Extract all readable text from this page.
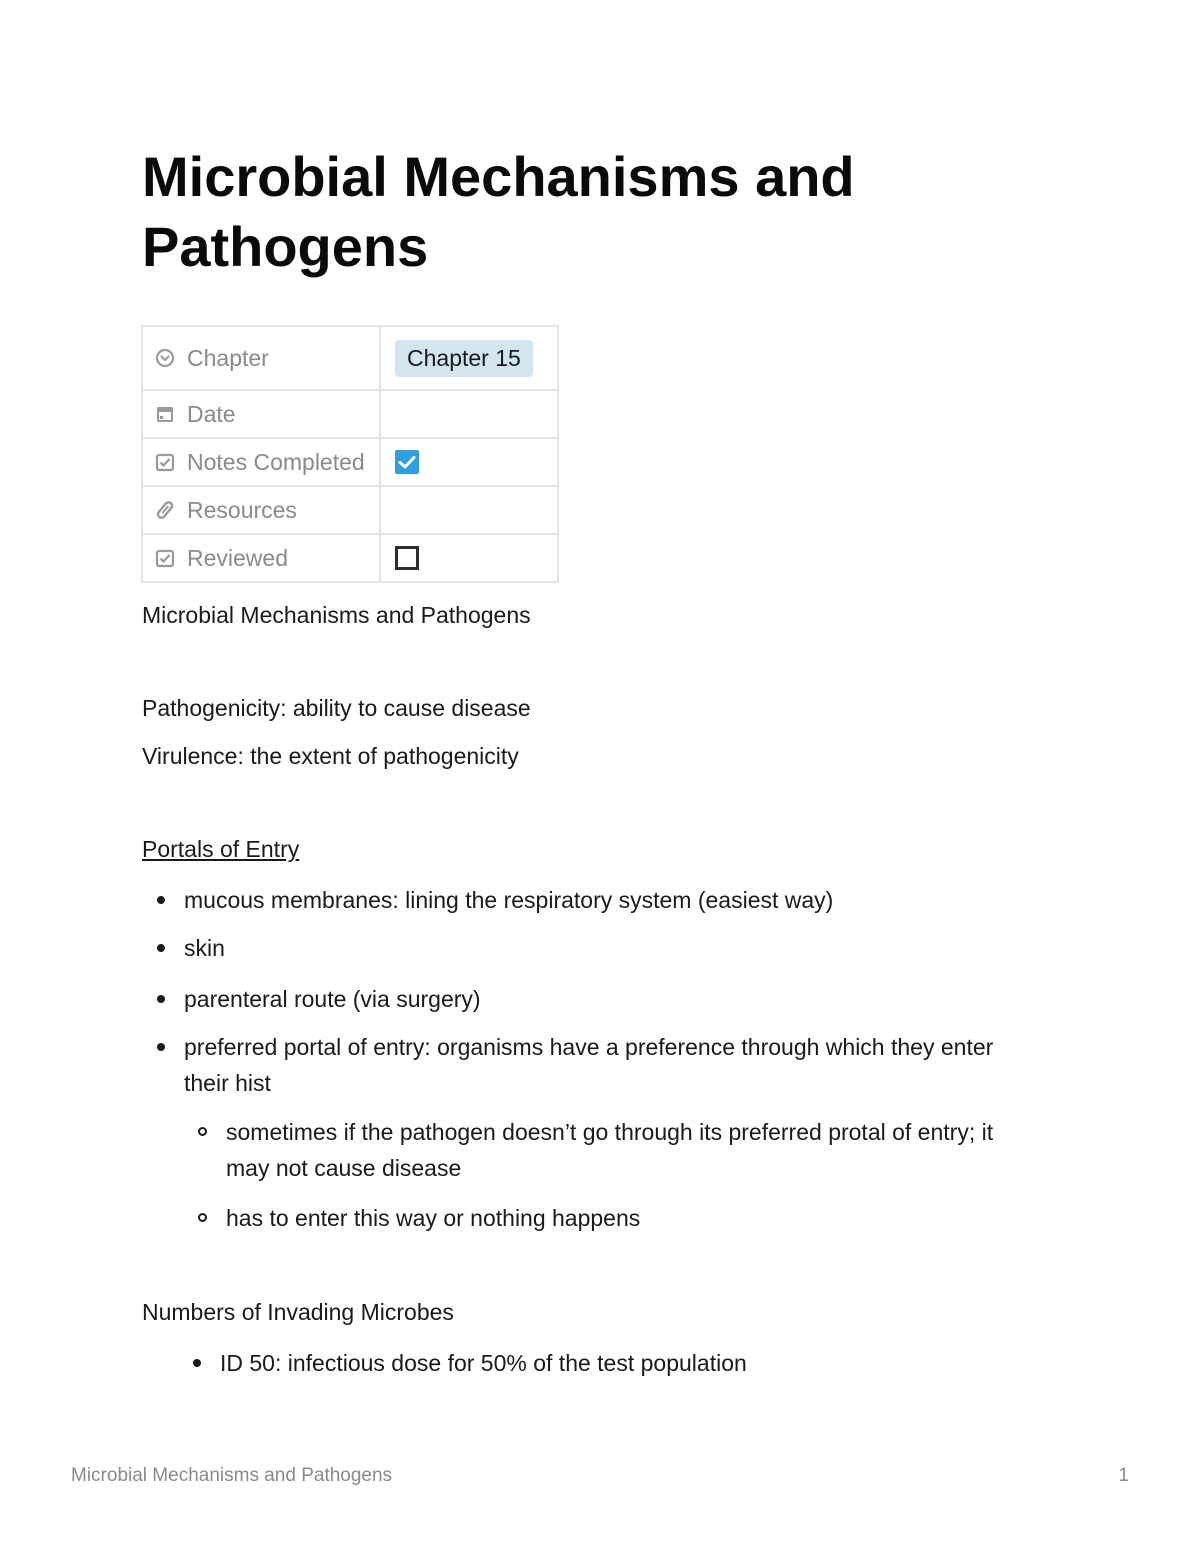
Microbial Mechanisms and Pathogens
Chapter	Chapter 15

Date	

Notes Completed

Resources	

Reviewed	

Microbial Mechanisms and Pathogens

Pathogenicity: ability to cause disease

Virulence: the extent of pathogenicity

Portals of Entry

mucous membranes: lining the respiratory system (easiest way)

skin

parenteral route (via surgery)

preferred portal of entry: organisms have a preference through which they enter their hist

sometimes if the pathogen doesn’t go through its preferred protal of entry; it may not cause disease

has to enter this way or nothing happens

Numbers of Invading Microbes

ID 50: infectious dose for 50% of the test population

Microbial Mechanisms and Pathogens	1
